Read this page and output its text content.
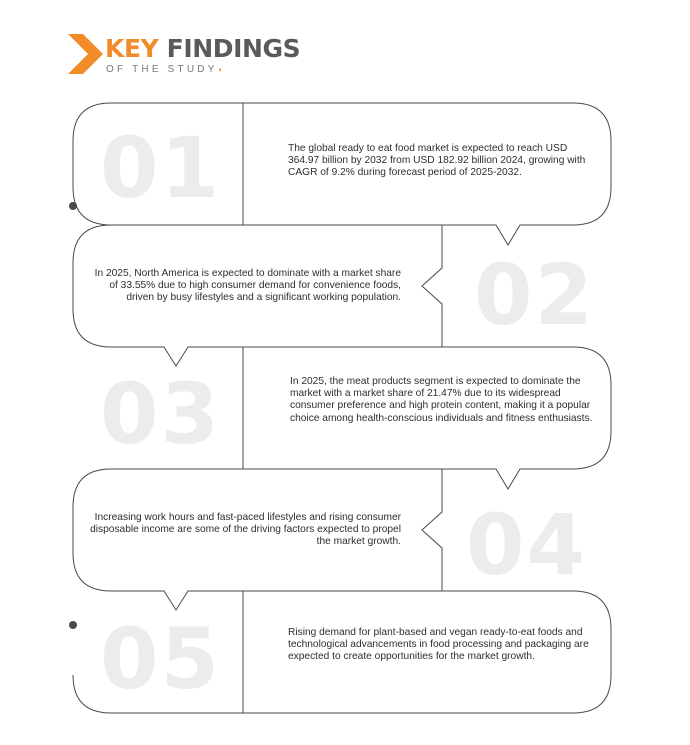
KEY FINDINGS
OF THE STUDY◖
01
02
03
04
05
The global ready to eat food market is expected to reach USD 364.97 billion by 2032 from USD 182.92 billion 2024, growing with CAGR of 9.2% during forecast period of 2025-2032.
In 2025, North America is expected to dominate with a market share of 33.55% due to high consumer demand for convenience foods, driven by busy lifestyles and a significant working population.
In 2025, the meat products segment is expected to dominate the market with a market share of 21.47% due to its widespread consumer preference and high protein content, making it a popular choice among health-conscious individuals and fitness enthusiasts.
Increasing work hours and fast-paced lifestyles and rising consumer disposable income are some of the driving factors expected to propel the market growth.
Rising demand for plant-based and vegan ready-to-eat foods and technological advancements in food processing and packaging are expected to create opportunities for the market growth.
